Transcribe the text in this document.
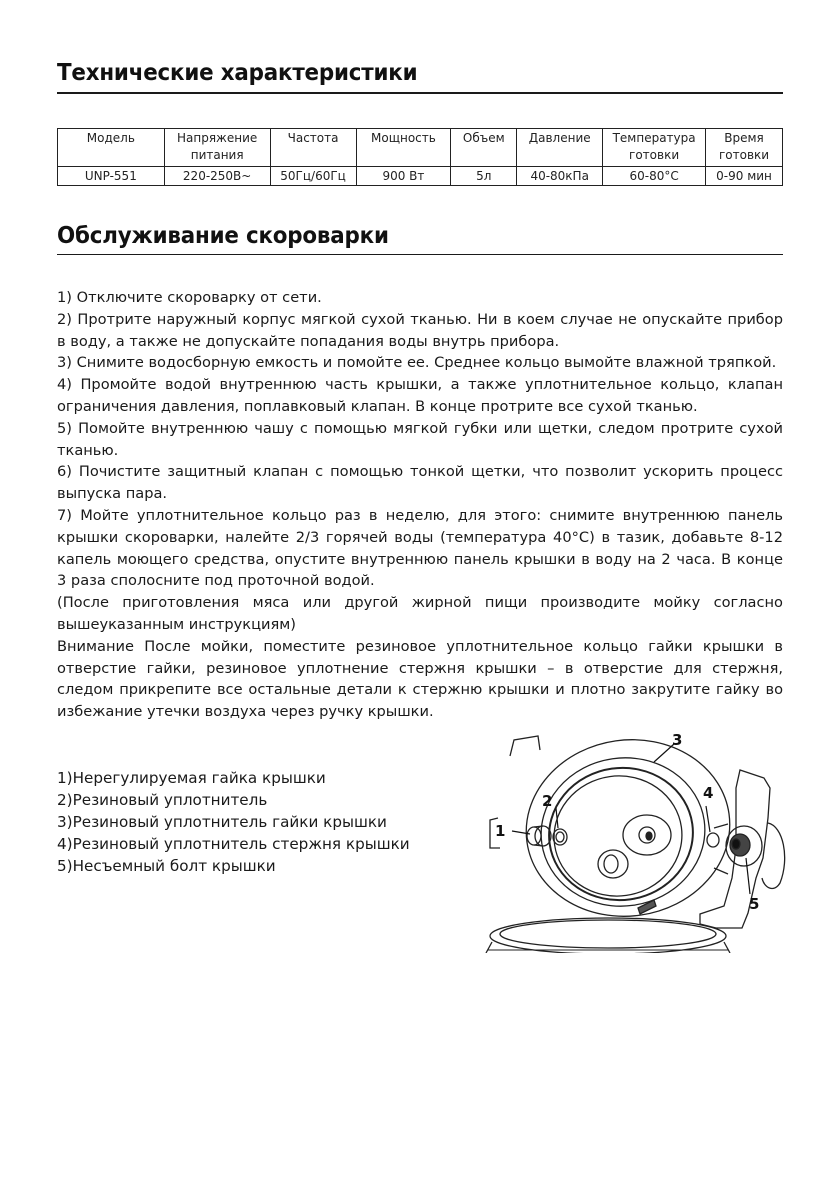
Технические характеристики
Модель	Напряжение питания	Частота	Мощность	Объем	Давление	Температура готовки	Время готовки
UNP-551	220-250В~	50Гц/60Гц	900 Вт	5л	40-80кПа	60-80°С	0-90 мин
Обслуживание скороварки

1) Отключите скороварку от сети.

2) Протрите наружный корпус мягкой сухой тканью. Ни в коем случае не опускайте прибор в воду, а также не допускайте попадания воды внутрь прибора.

3) Снимите водосборную емкость и помойте ее. Среднее кольцо вымойте влажной тряпкой.

4) Промойте водой внутреннюю часть крышки, а также уплотнительное кольцо, клапан ограничения давления, поплавковый клапан. В конце протрите все сухой тканью.

5) Помойте внутреннюю чашу с помощью мягкой губки или щетки, следом протрите сухой тканью.

6) Почистите защитный клапан с помощью тонкой щетки, что позволит ускорить процесс выпуска пара.

7) Мойте уплотнительное кольцо раз в неделю, для этого: снимите внутреннюю панель крышки скороварки, налейте 2/3 горячей воды (температура 40°С) в тазик, добавьте 8-12 капель моющего средства, опустите внутреннюю панель крышки в воду на 2 часа. В конце 3 раза сполосните под проточной водой.

(После приготовления мяса или другой жирной пищи производите мойку согласно вышеуказанным инструкциям)

Внимание После мойки, поместите резиновое уплотнительное кольцо гайки крышки в отверстие гайки, резиновое уплотнение стержня крышки – в отверстие для стержня, следом прикрепите все остальные детали к стержню крышки и плотно закрутите гайку во избежание утечки воздуха через ручку крышки.

1)Нерегулируемая гайка крышки
2)Резиновый уплотнитель
3)Резиновый уплотнитель гайки крышки
4)Резиновый уплотнитель стержня крышки
5)Несъемный болт крышки
1
2
3
4
5
